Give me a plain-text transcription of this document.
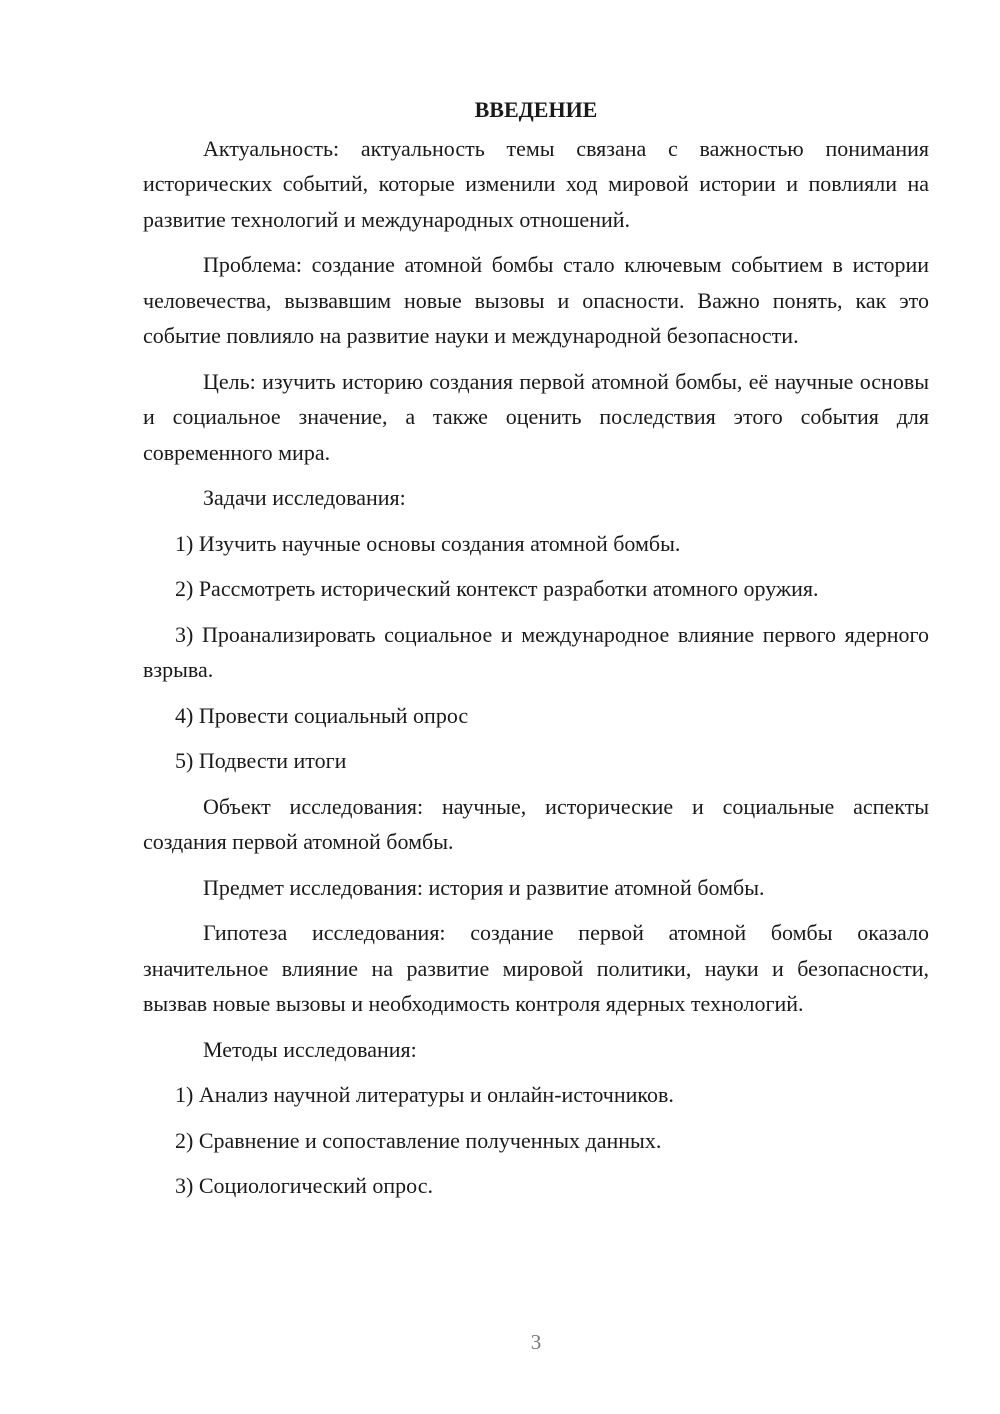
ВВЕДЕНИЕ

Актуальность: актуальность темы связана с важностью понимания исторических событий, которые изменили ход мировой истории и повлияли на развитие технологий и международных отношений.

Проблема: создание атомной бомбы стало ключевым событием в истории человечества, вызвавшим новые вызовы и опасности. Важно понять, как это событие повлияло на развитие науки и международной безопасности.

Цель: изучить историю создания первой атомной бомбы, её научные основы и социальное значение, а также оценить последствия этого события для современного мира.

Задачи исследования:

1) Изучить научные основы создания атомной бомбы.

2) Рассмотреть исторический контекст разработки атомного оружия.

3) Проанализировать социальное и международное влияние первого ядерного взрыва.

4) Провести социальный опрос

5) Подвести итоги

Объект исследования: научные, исторические и социальные аспекты создания первой атомной бомбы.

Предмет исследования: история и развитие атомной бомбы.

Гипотеза исследования: создание первой атомной бомбы оказало значительное влияние на развитие мировой политики, науки и безопасности, вызвав новые вызовы и необходимость контроля ядерных технологий.

Методы исследования:

1) Анализ научной литературы и онлайн-источников.

2) Сравнение и сопоставление полученных данных.

3) Социологический опрос.

3
